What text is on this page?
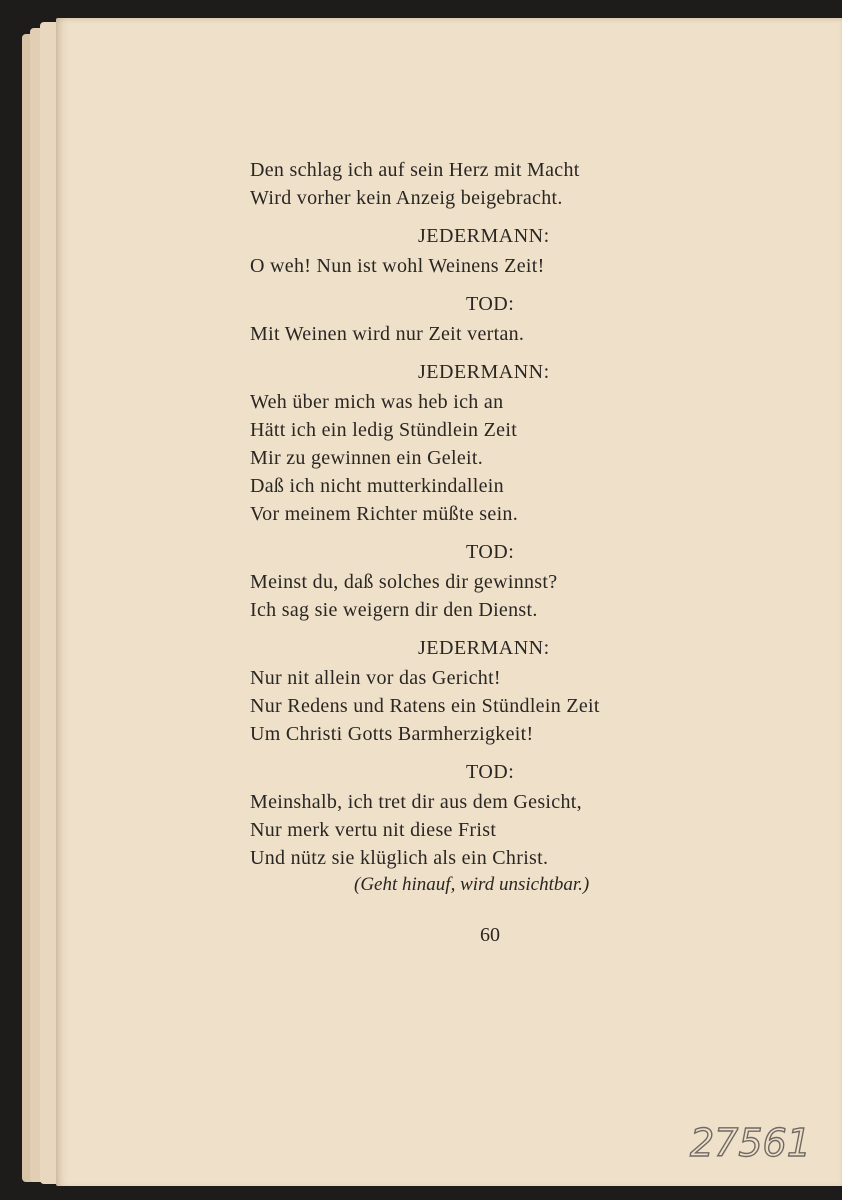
Den schlag ich auf sein Herz mit Macht
Wird vorher kein Anzeig beigebracht.
JEDERMANN:
O weh! Nun ist wohl Weinens Zeit!
TOD:
Mit Weinen wird nur Zeit vertan.
JEDERMANN:
Weh über mich was heb ich an
Hätt ich ein ledig Stündlein Zeit
Mir zu gewinnen ein Geleit.
Daß ich nicht mutterkindallein
Vor meinem Richter müßte sein.
TOD:
Meinst du, daß solches dir gewinnst?
Ich sag sie weigern dir den Dienst.
JEDERMANN:
Nur nit allein vor das Gericht!
Nur Redens und Ratens ein Stündlein Zeit
Um Christi Gotts Barmherzigkeit!
TOD:
Meinshalb, ich tret dir aus dem Gesicht,
Nur merk vertu nit diese Frist
Und nütz sie klüglich als ein Christ.
(Geht hinauf, wird unsichtbar.)
60
27561
